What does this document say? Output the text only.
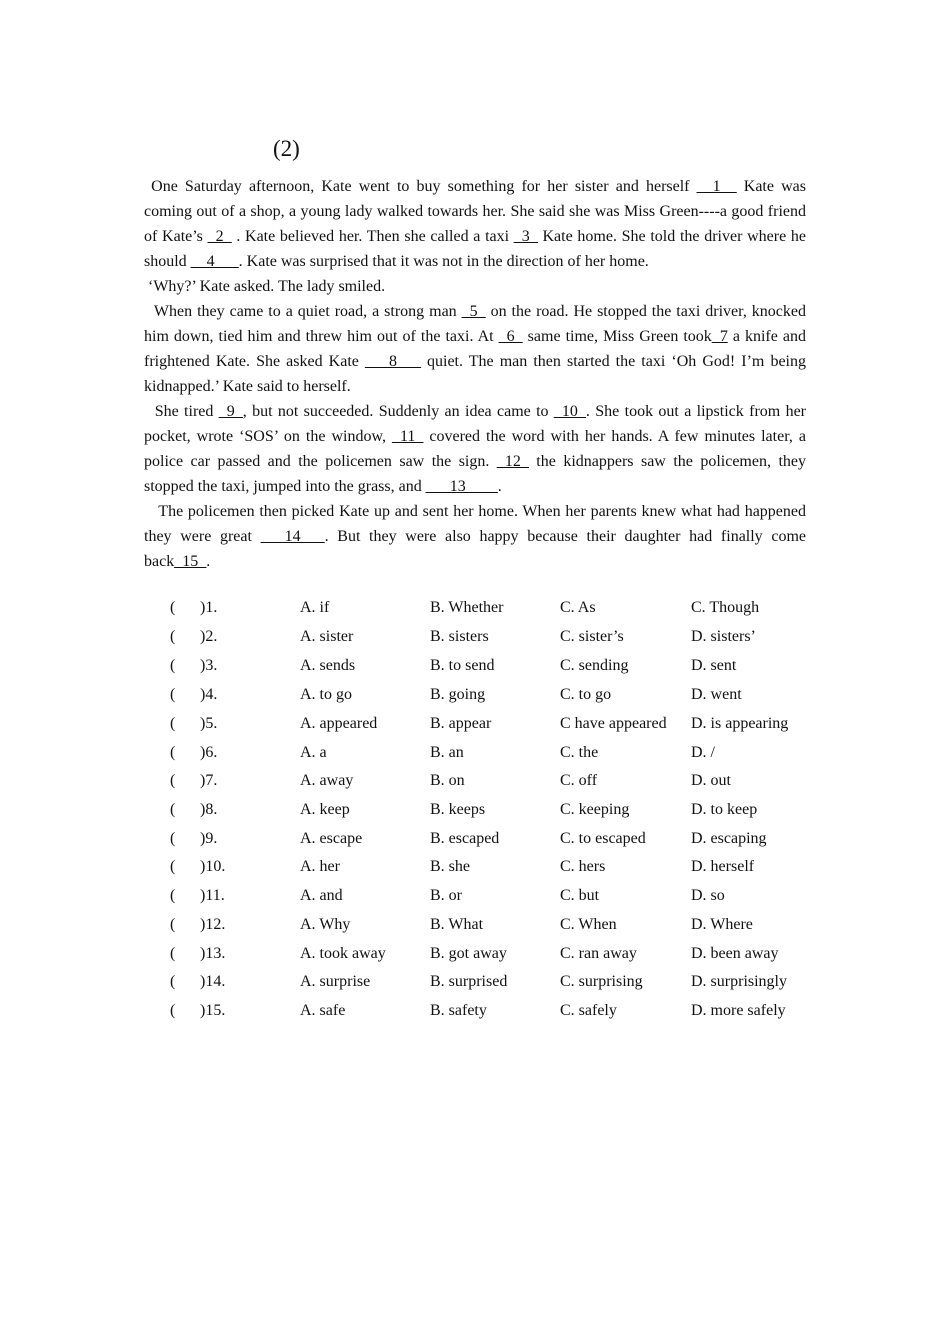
(2)

One Saturday afternoon, Kate went to buy something for her sister and herself __1__ Kate was coming out of a shop, a young lady walked towards her. She said she was Miss Green----a good friend of Kate’s _2_ . Kate believed her. Then she called a taxi _3_ Kate home. She told the driver where he should __4___. Kate was surprised that it was not in the direction of her home.

‘Why?’ Kate asked. The lady smiled.

When they came to a quiet road, a strong man _5_ on the road. He stopped the taxi driver, knocked him down, tied him and threw him out of the taxi. At _6_ same time, Miss Green took_7 a knife and frightened Kate. She asked Kate ___8___ quiet. The man then started the taxi ‘Oh God! I’m being kidnapped.’ Kate said to herself.

She tired _9_, but not succeeded. Suddenly an idea came to _10_. She took out a lipstick from her pocket, wrote ‘SOS’ on the window, _11_ covered the word with her hands. A few minutes later, a police car passed and the policemen saw the sign. _12_ the kidnappers saw the policemen, they stopped the taxi, jumped into the grass, and ___13____.

The policemen then picked Kate up and sent her home. When her parents knew what had happened they were great ___14___. But they were also happy because their daughter had finally come back_15_.

( )1.	A. if	B. Whether	C. As	C. Though
( )2.	A. sister	B. sisters	C. sister’s	D. sisters’
( )3.	A. sends	B. to send	C. sending	D. sent
( )4.	A. to go	B. going	C. to go	D. went
( )5.	A. appeared	B. appear	C have appeared D. is appearing
( )6.	A. a	B. an	C. the	D. /
( )7.	A. away	B. on	C. off	D. out
( )8.	A. keep	B. keeps	C. keeping	D. to keep
( )9.	A. escape	B. escaped	C. to escaped	D. escaping
( )10.	A. her	B. she	C. hers	D. herself
( )11.	A. and	B. or	C. but	D. so
( )12.	A. Why	B. What	C. When	D. Where
( )13.	A. took away	B. got away	C. ran away	D. been away
( )14.	A. surprise	B. surprised	C. surprising	D. surprisingly
( )15.	A. safe	B. safety	C. safely	D. more safely
